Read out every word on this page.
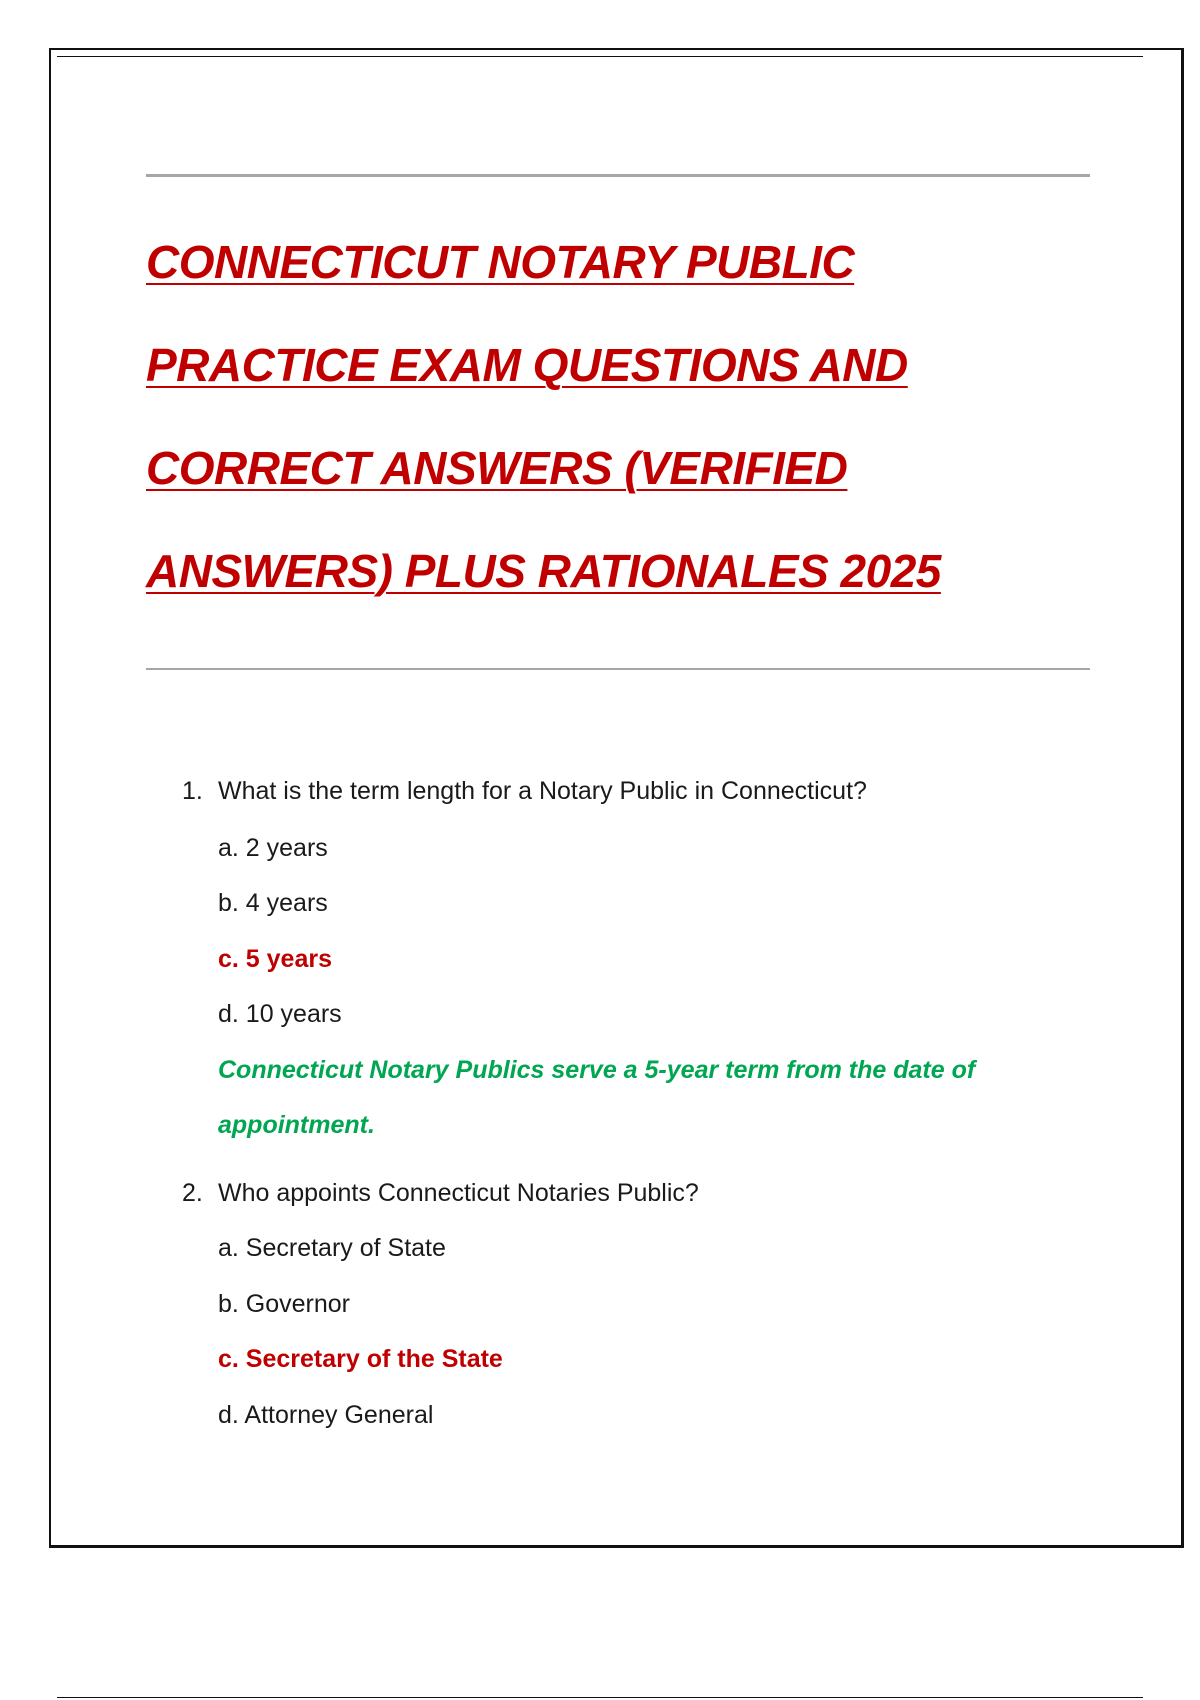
CONNECTICUT NOTARY PUBLIC
PRACTICE EXAM QUESTIONS AND
CORRECT ANSWERS (VERIFIED
ANSWERS) PLUS RATIONALES 2025

1. What is the term length for a Notary Public in Connecticut?

a. 2 years

b. 4 years

c. 5 years

d. 10 years

Connecticut Notary Publics serve a 5-year term from the date of

appointment.

2. Who appoints Connecticut Notaries Public?

a. Secretary of State

b. Governor

c. Secretary of the State

d. Attorney General
